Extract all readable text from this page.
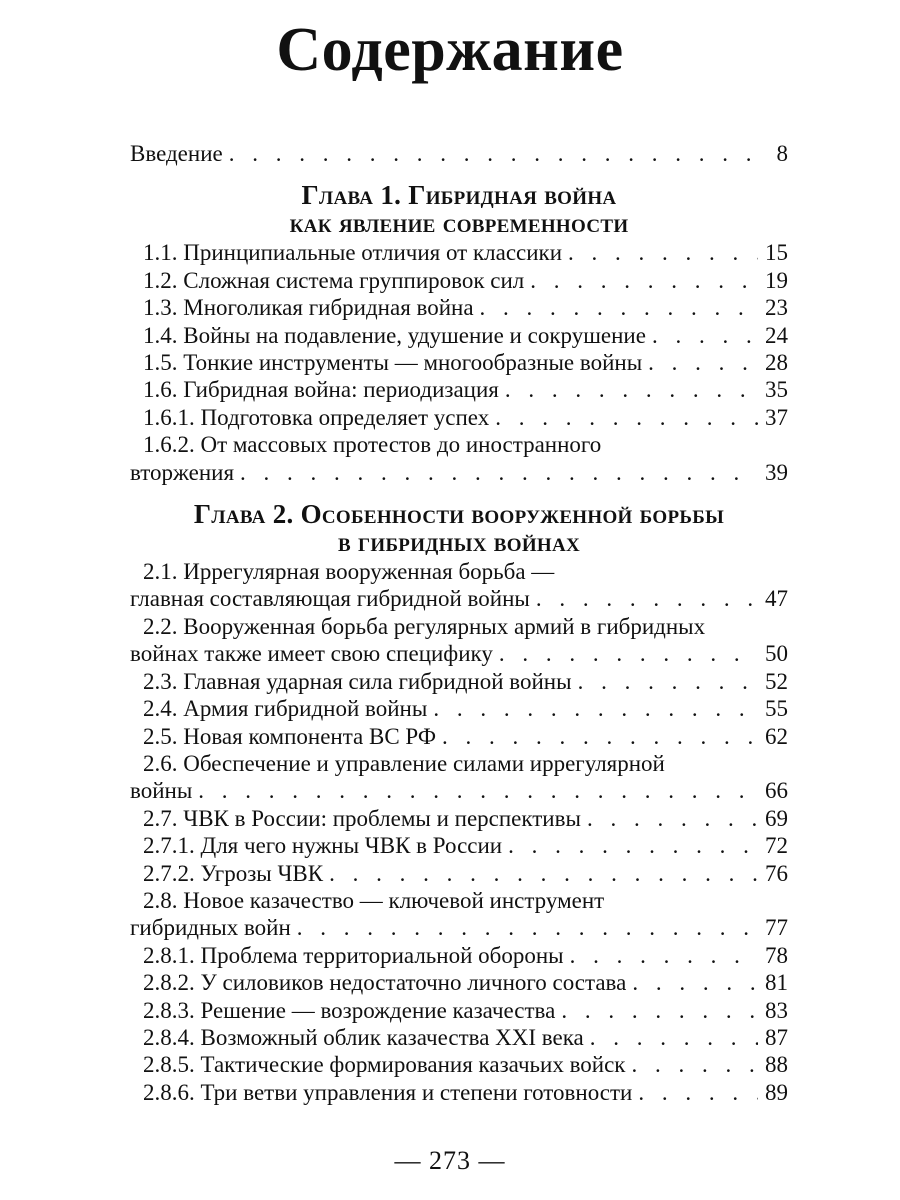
Содержание
Введение . . .	8
Глава 1. Гибридная война
как явление современности
1.1. Принципиальные отличия от классики . . .	15
1.2. Сложная система группировок сил . . .	19
1.3. Многоликая гибридная война . . .	23
1.4. Войны на подавление, удушение и сокрушение . . .	24
1.5. Тонкие инструменты — многообразные войны . . .	28
1.6. Гибридная война: периодизация . . .	35
1.6.1. Подготовка определяет успех . . .	37
1.6.2. От массовых протестов до иностранного
вторжения . . .	39
Глава 2. Особенности вооруженной борьбы
в гибридных войнах
2.1. Иррегулярная вооруженная борьба —
главная составляющая гибридной войны . . .	47
2.2. Вооруженная борьба регулярных армий в гибридных
войнах также имеет свою специфику . . .	50
2.3. Главная ударная сила гибридной войны . . .	52
2.4. Армия гибридной войны . . .	55
2.5. Новая компонента ВС РФ . . .	62
2.6. Обеспечение и управление силами иррегулярной
войны . . .	66
2.7. ЧВК в России: проблемы и перспективы . . .	69
2.7.1. Для чего нужны ЧВК в России . . .	72
2.7.2. Угрозы ЧВК . . .	76
2.8. Новое казачество — ключевой инструмент
гибридных войн . . .	77
2.8.1. Проблема территориальной обороны . . .	78
2.8.2. У силовиков недостаточно личного состава . . .	81
2.8.3. Решение — возрождение казачества . . .	83
2.8.4. Возможный облик казачества XXI века . . .	87
2.8.5. Тактические формирования казачьих войск . . .	88
2.8.6. Три ветви управления и степени готовности . . .	89
— 273 —
